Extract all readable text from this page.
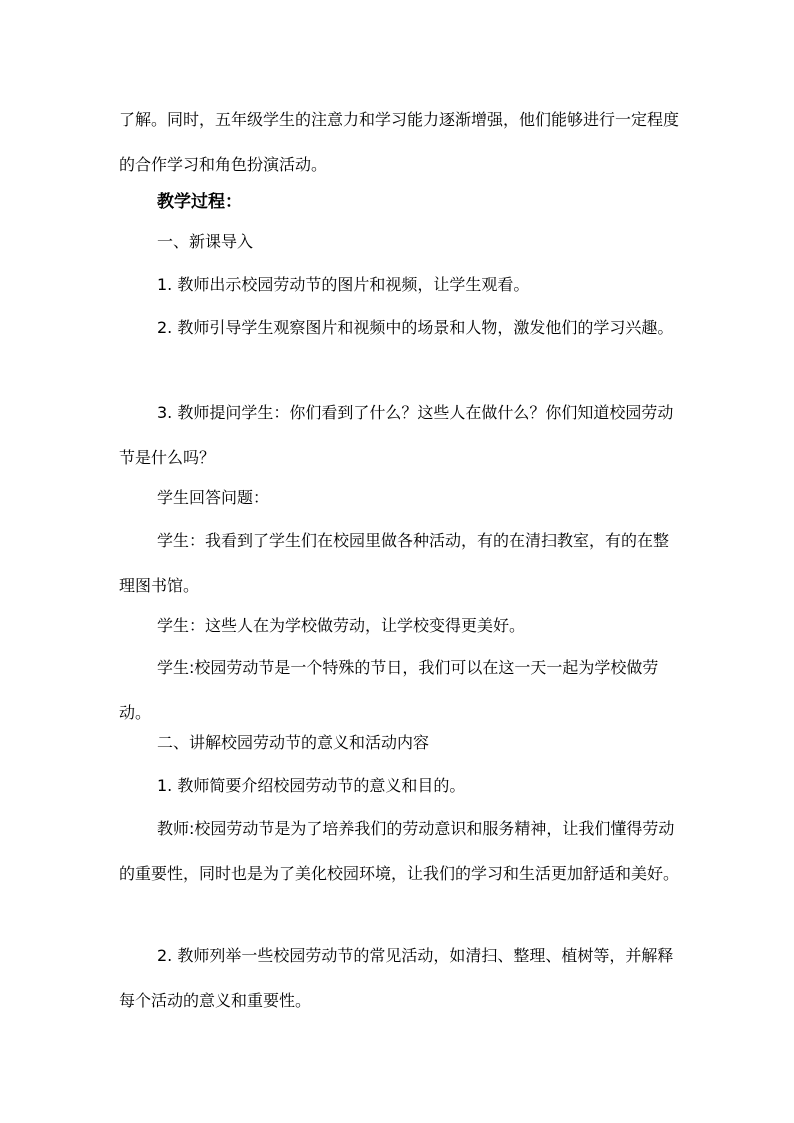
了解。同时，五年级学生的注意力和学习能力逐渐增强，他们能够进行一定程度的合作学习和角色扮演活动。

教学过程：

一、新课导入

1. 教师出示校园劳动节的图片和视频，让学生观看。

2. 教师引导学生观察图片和视频中的场景和人物，激发他们的学习兴趣。

3. 教师提问学生：你们看到了什么？这些人在做什么？你们知道校园劳动节是什么吗？

学生回答问题：

学生：我看到了学生们在校园里做各种活动，有的在清扫教室，有的在整理图书馆。

学生：这些人在为学校做劳动，让学校变得更美好。

学生:校园劳动节是一个特殊的节日，我们可以在这一天一起为学校做劳动。

二、讲解校园劳动节的意义和活动内容

1. 教师简要介绍校园劳动节的意义和目的。

教师:校园劳动节是为了培养我们的劳动意识和服务精神，让我们懂得劳动的重要性，同时也是为了美化校园环境，让我们的学习和生活更加舒适和美好。

2. 教师列举一些校园劳动节的常见活动，如清扫、整理、植树等，并解释每个活动的意义和重要性。
